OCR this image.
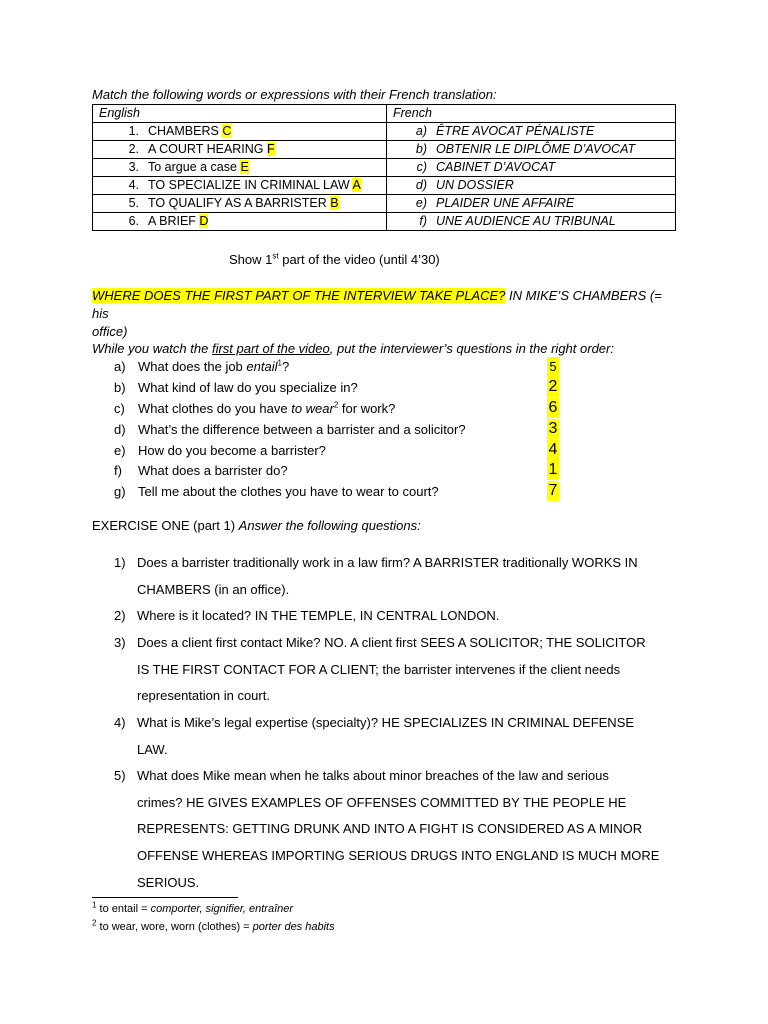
Match the following words or expressions with their French translation:
English	French
1. CHAMBERS C	a) ÊTRE AVOCAT PÉNALISTE
2. A COURT HEARING F	b) OBTENIR LE DIPLÔME D’AVOCAT
3. To argue a case E	c) CABINET D’AVOCAT
4. TO SPECIALIZE IN CRIMINAL LAW A	d) UN DOSSIER
5. TO QUALIFY AS A BARRISTER B	e) PLAIDER UNE AFFAIRE
6. A BRIEF D	f) UNE AUDIENCE AU TRIBUNAL
Show 1st part of the video (until 4’30)
WHERE DOES THE FIRST PART OF THE INTERVIEW TAKE PLACE? IN MIKE’S CHAMBERS (= his
office)
While you watch the first part of the video, put the interviewer’s questions in the right order:
a) What does the job entail$^1$?	5
b) What kind of law do you specialize in?	2
c) What clothes do you have to wear$^2$ for work?	6
d) What’s the difference between a barrister and a solicitor?	3
e) How do you become a barrister?	4
f) What does a barrister do?	1
g) Tell me about the clothes you have to wear to court?	7
EXERCISE ONE (part 1) Answer the following questions:
1) Does a barrister traditionally work in a law firm? A BARRISTER traditionally WORKS IN
CHAMBERS (in an office).
2) Where is it located? IN THE TEMPLE, IN CENTRAL LONDON.
3) Does a client first contact Mike? NO. A client first SEES A SOLICITOR; THE SOLICITOR
IS THE FIRST CONTACT FOR A CLIENT; the barrister intervenes if the client needs
representation in court.
4) What is Mike’s legal expertise (specialty)? HE SPECIALIZES IN CRIMINAL DEFENSE
LAW.
5) What does Mike mean when he talks about minor breaches of the law and serious
crimes? HE GIVES EXAMPLES OF OFFENSES COMMITTED BY THE PEOPLE HE
REPRESENTS: GETTING DRUNK AND INTO A FIGHT IS CONSIDERED AS A MINOR
OFFENSE WHEREAS IMPORTING SERIOUS DRUGS INTO ENGLAND IS MUCH MORE
SERIOUS.
$^1$ to entail = comporter, signifier, entraîner
$^2$ to wear, wore, worn (clothes) = porter des habits
